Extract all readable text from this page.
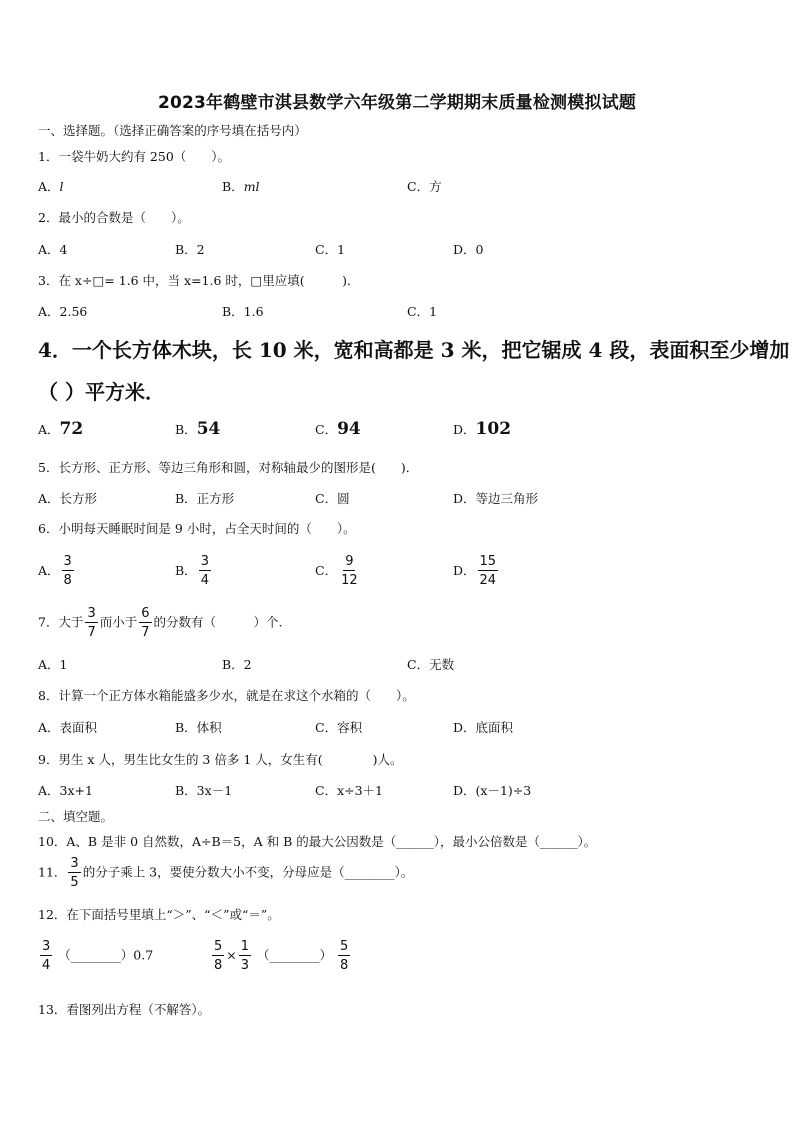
2023年鹤壁市淇县数学六年级第二学期期末质量检测模拟试题
一、选择题。（选择正确答案的序号填在括号内）
1．一袋牛奶大约有 250（　　）。
A．l	B．ml	C．方
2．最小的合数是（　　）。
A．4	B．2	C．1	D．0
3．在 x÷□= 1.6 中，当 x=1.6 时，□里应填(　　　)．
A．2.56	B．1.6	C．1
4．一个长方体木块，长 10 米，宽和高都是 3 米，把它锯成 4 段，表面积至少增加
（ ）平方米．
A．72	B．54	C．94	D．102
5．长方形、正方形、等边三角形和圆，对称轴最少的图形是(　　)．
A．长方形	B．正方形	C．圆	D．等边三角形
6．小明每天睡眠时间是 9 小时，占全天时间的（　　）。
A． $\frac{3}{8}$	B． $\frac{3}{4}$	C． $\frac{9}{12}$	D． $\frac{15}{24}$
7．大于 $\frac{3}{7}$ 而小于 $\frac{6}{7}$ 的分数有（　　　）个.
A．1	B．2	C．无数
8．计算一个正方体水箱能盛多少水，就是在求这个水箱的（　　）。
A．表面积	B．体积	C．容积	D．底面积
9．男生 x 人，男生比女生的 3 倍多 1 人，女生有(　　　　)人。
A．3x+1	B．3x－1	C．x÷3＋1	D．(x－1)÷3
二、填空题。
10．A、B 是非 0 自然数，A÷B＝5，A 和 B 的最大公因数是（______），最小公倍数是（______）。
11． $\frac{3}{5}$ 的分子乘上 3，要使分数大小不变，分母应是（________）。
12．在下面括号里填上“＞”、“＜”或“＝”。
$\frac{3}{4}$ （________）0.7	$\frac{5}{8} \times \frac{1}{3}$ （________） $\frac{5}{8}$
13．看图列出方程（不解答）。
